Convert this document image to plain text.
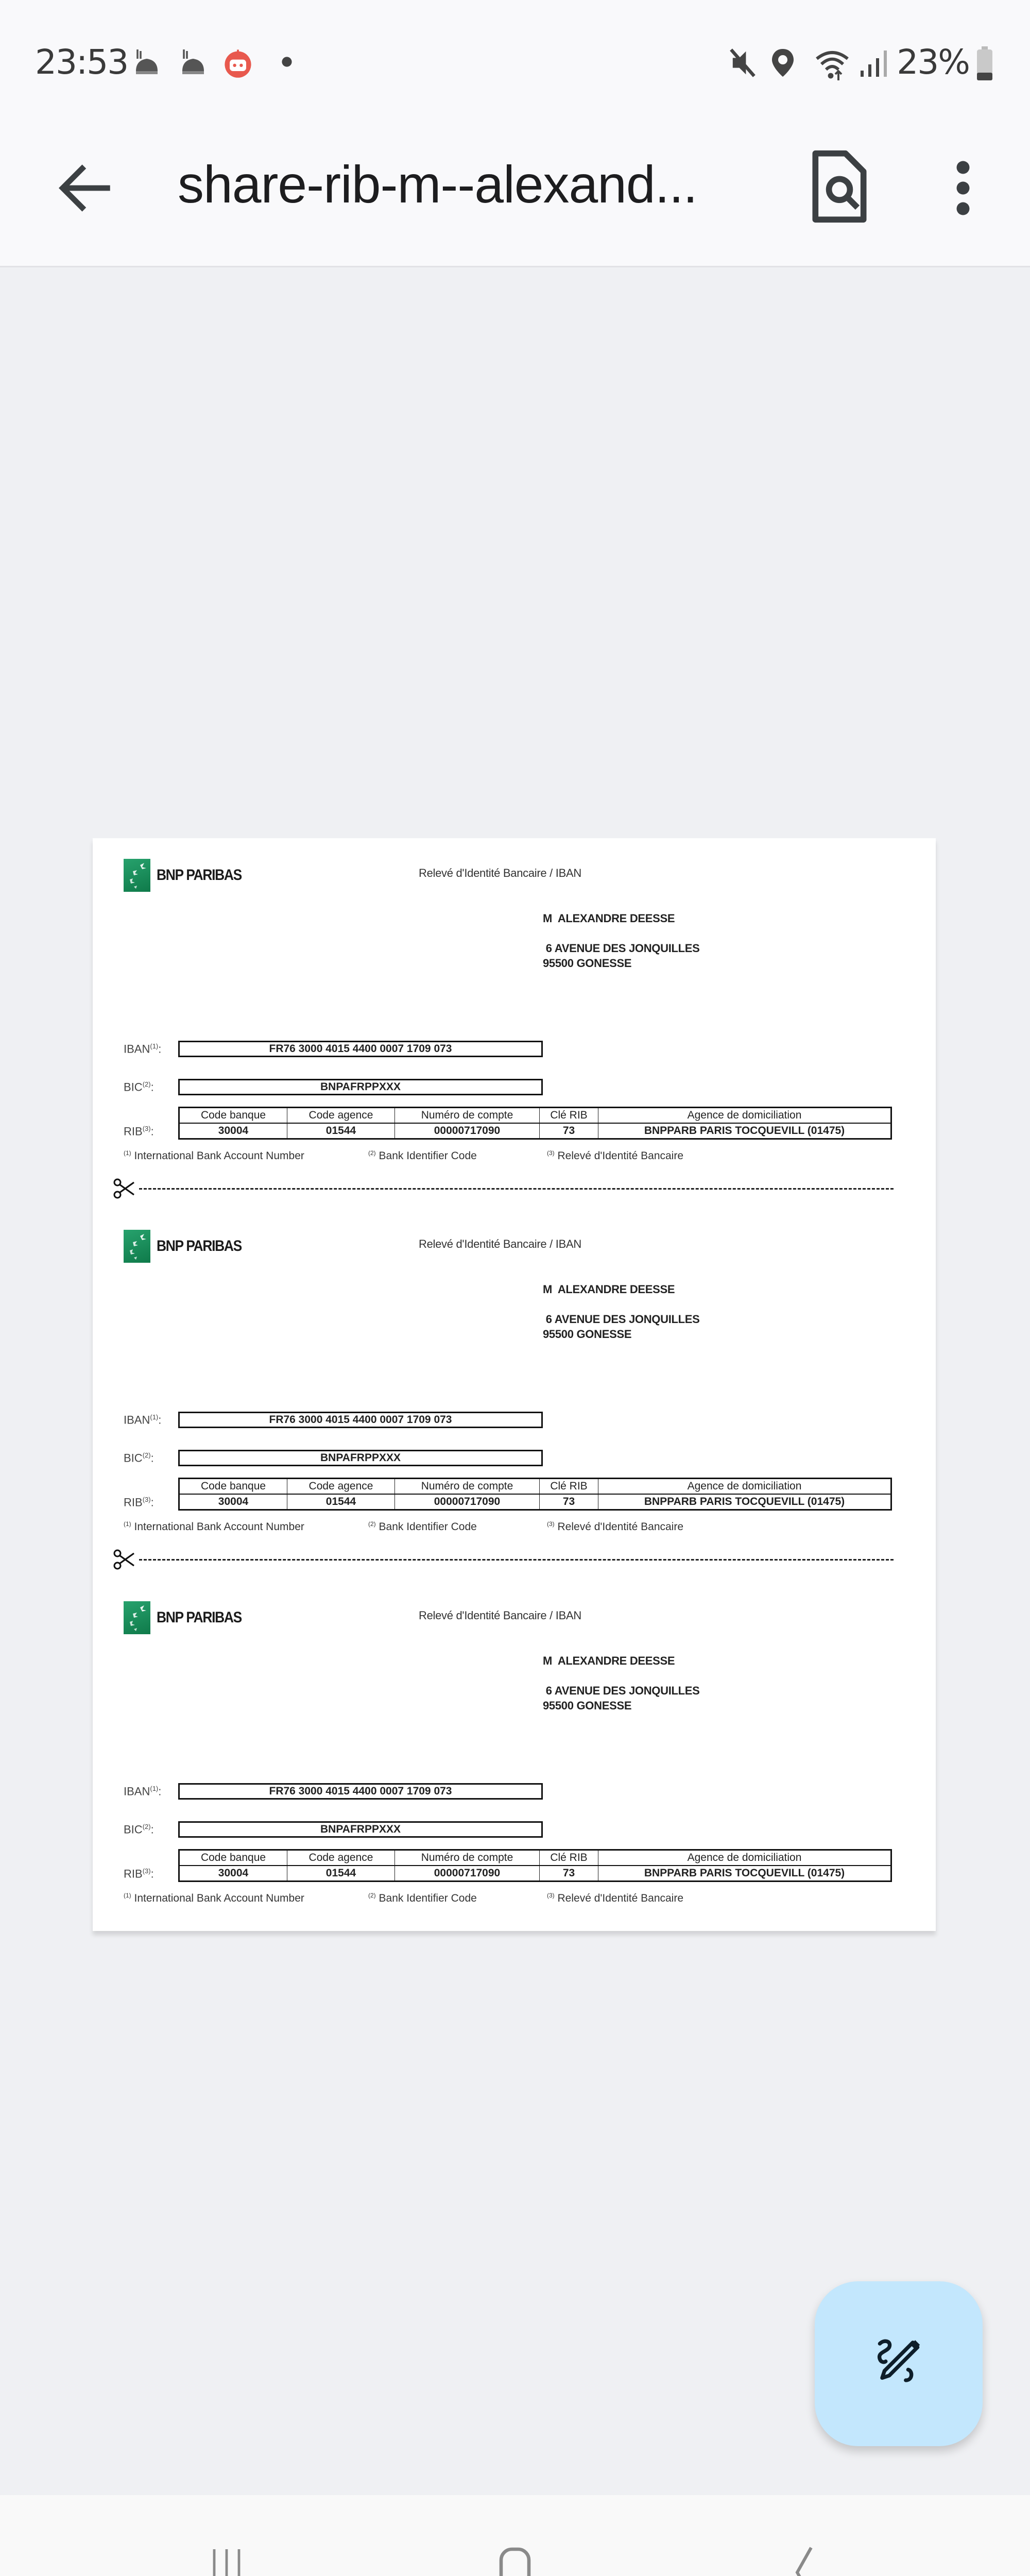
23:53	23%
share-rib-m--alexand...
BNP PARIBAS	Relevé d'Identité Bancaire / IBAN
M  ALEXANDRE DEESSE
6 AVENUE DES JONQUILLES
95500 GONESSE
IBAN$^{(1)}$:	FR76 3000 4015 4400 0007 1709 073
BIC$^{(2)}$:	BNPAFRPPXXX
RIB$^{(3)}$:
Code banque	Code agence	Numéro de compte	Clé RIB	Agence de domiciliation
30004	01544	00000717090	73	BNPPARB PARIS TOCQUEVILL (01475)
$^{(1)}$ International Bank Account Number	$^{(2)}$ Bank Identifier Code	$^{(3)}$ Relevé d'Identité Bancaire
BNP PARIBAS	Relevé d'Identité Bancaire / IBAN
M  ALEXANDRE DEESSE
6 AVENUE DES JONQUILLES
95500 GONESSE
IBAN$^{(1)}$:	FR76 3000 4015 4400 0007 1709 073
BIC$^{(2)}$:	BNPAFRPPXXX
RIB$^{(3)}$:
Code banque	Code agence	Numéro de compte	Clé RIB	Agence de domiciliation
30004	01544	00000717090	73	BNPPARB PARIS TOCQUEVILL (01475)
$^{(1)}$ International Bank Account Number	$^{(2)}$ Bank Identifier Code	$^{(3)}$ Relevé d'Identité Bancaire
BNP PARIBAS	Relevé d'Identité Bancaire / IBAN
M  ALEXANDRE DEESSE
6 AVENUE DES JONQUILLES
95500 GONESSE
IBAN$^{(1)}$:	FR76 3000 4015 4400 0007 1709 073
BIC$^{(2)}$:	BNPAFRPPXXX
RIB$^{(3)}$:
Code banque	Code agence	Numéro de compte	Clé RIB	Agence de domiciliation
30004	01544	00000717090	73	BNPPARB PARIS TOCQUEVILL (01475)
$^{(1)}$ International Bank Account Number	$^{(2)}$ Bank Identifier Code	$^{(3)}$ Relevé d'Identité Bancaire
